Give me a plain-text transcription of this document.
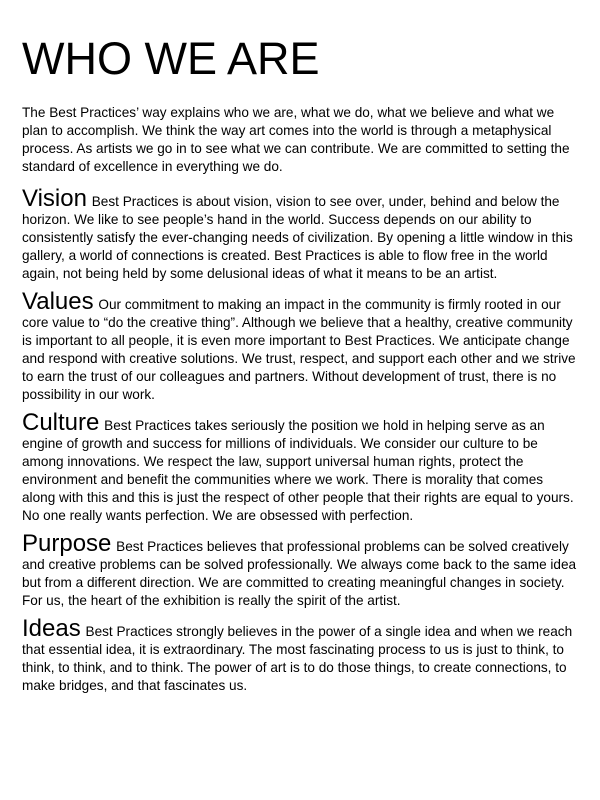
WHO WE ARE

The Best Practices’ way explains who we are, what we do, what we believe and what we plan to accomplish. We think the way art comes into the world is through a metaphysical process. As artists we go in to see what we can contribute. We are committed to setting the standard of excellence in everything we do.

Vision Best Practices is about vision, vision to see over, under, behind and below the horizon. We like to see people’s hand in the world. Success depends on our ability to consistently satisfy the ever-changing needs of civilization. By opening a little window in this gallery, a world of connections is created. Best Practices is able to flow free in the world again, not being held by some delusional ideas of what it means to be an artist.

Values Our commitment to making an impact in the community is firmly rooted in our core value to “do the creative thing”. Although we believe that a healthy, creative community is important to all people, it is even more important to Best Practices. We anticipate change and respond with creative solutions. We trust, respect, and support each other and we strive to earn the trust of our colleagues and partners. Without development of trust, there is no possibility in our work.

Culture Best Practices takes seriously the position we hold in helping serve as an engine of growth and success for millions of individuals. We consider our culture to be among innovations. We respect the law, support universal human rights, protect the environment and benefit the communities where we work. There is morality that comes along with this and this is just the respect of other people that their rights are equal to yours. No one really wants perfection. We are obsessed with perfection.

Purpose Best Practices believes that professional problems can be solved creatively and creative problems can be solved professionally. We always come back to the same idea but from a different direction. We are committed to creating meaningful changes in society. For us, the heart of the exhibition is really the spirit of the artist.

Ideas Best Practices strongly believes in the power of a single idea and when we reach that essential idea, it is extraordinary. The most fascinating process to us is just to think, to think, to think, and to think. The power of art is to do those things, to create connections, to make bridges, and that fascinates us.
